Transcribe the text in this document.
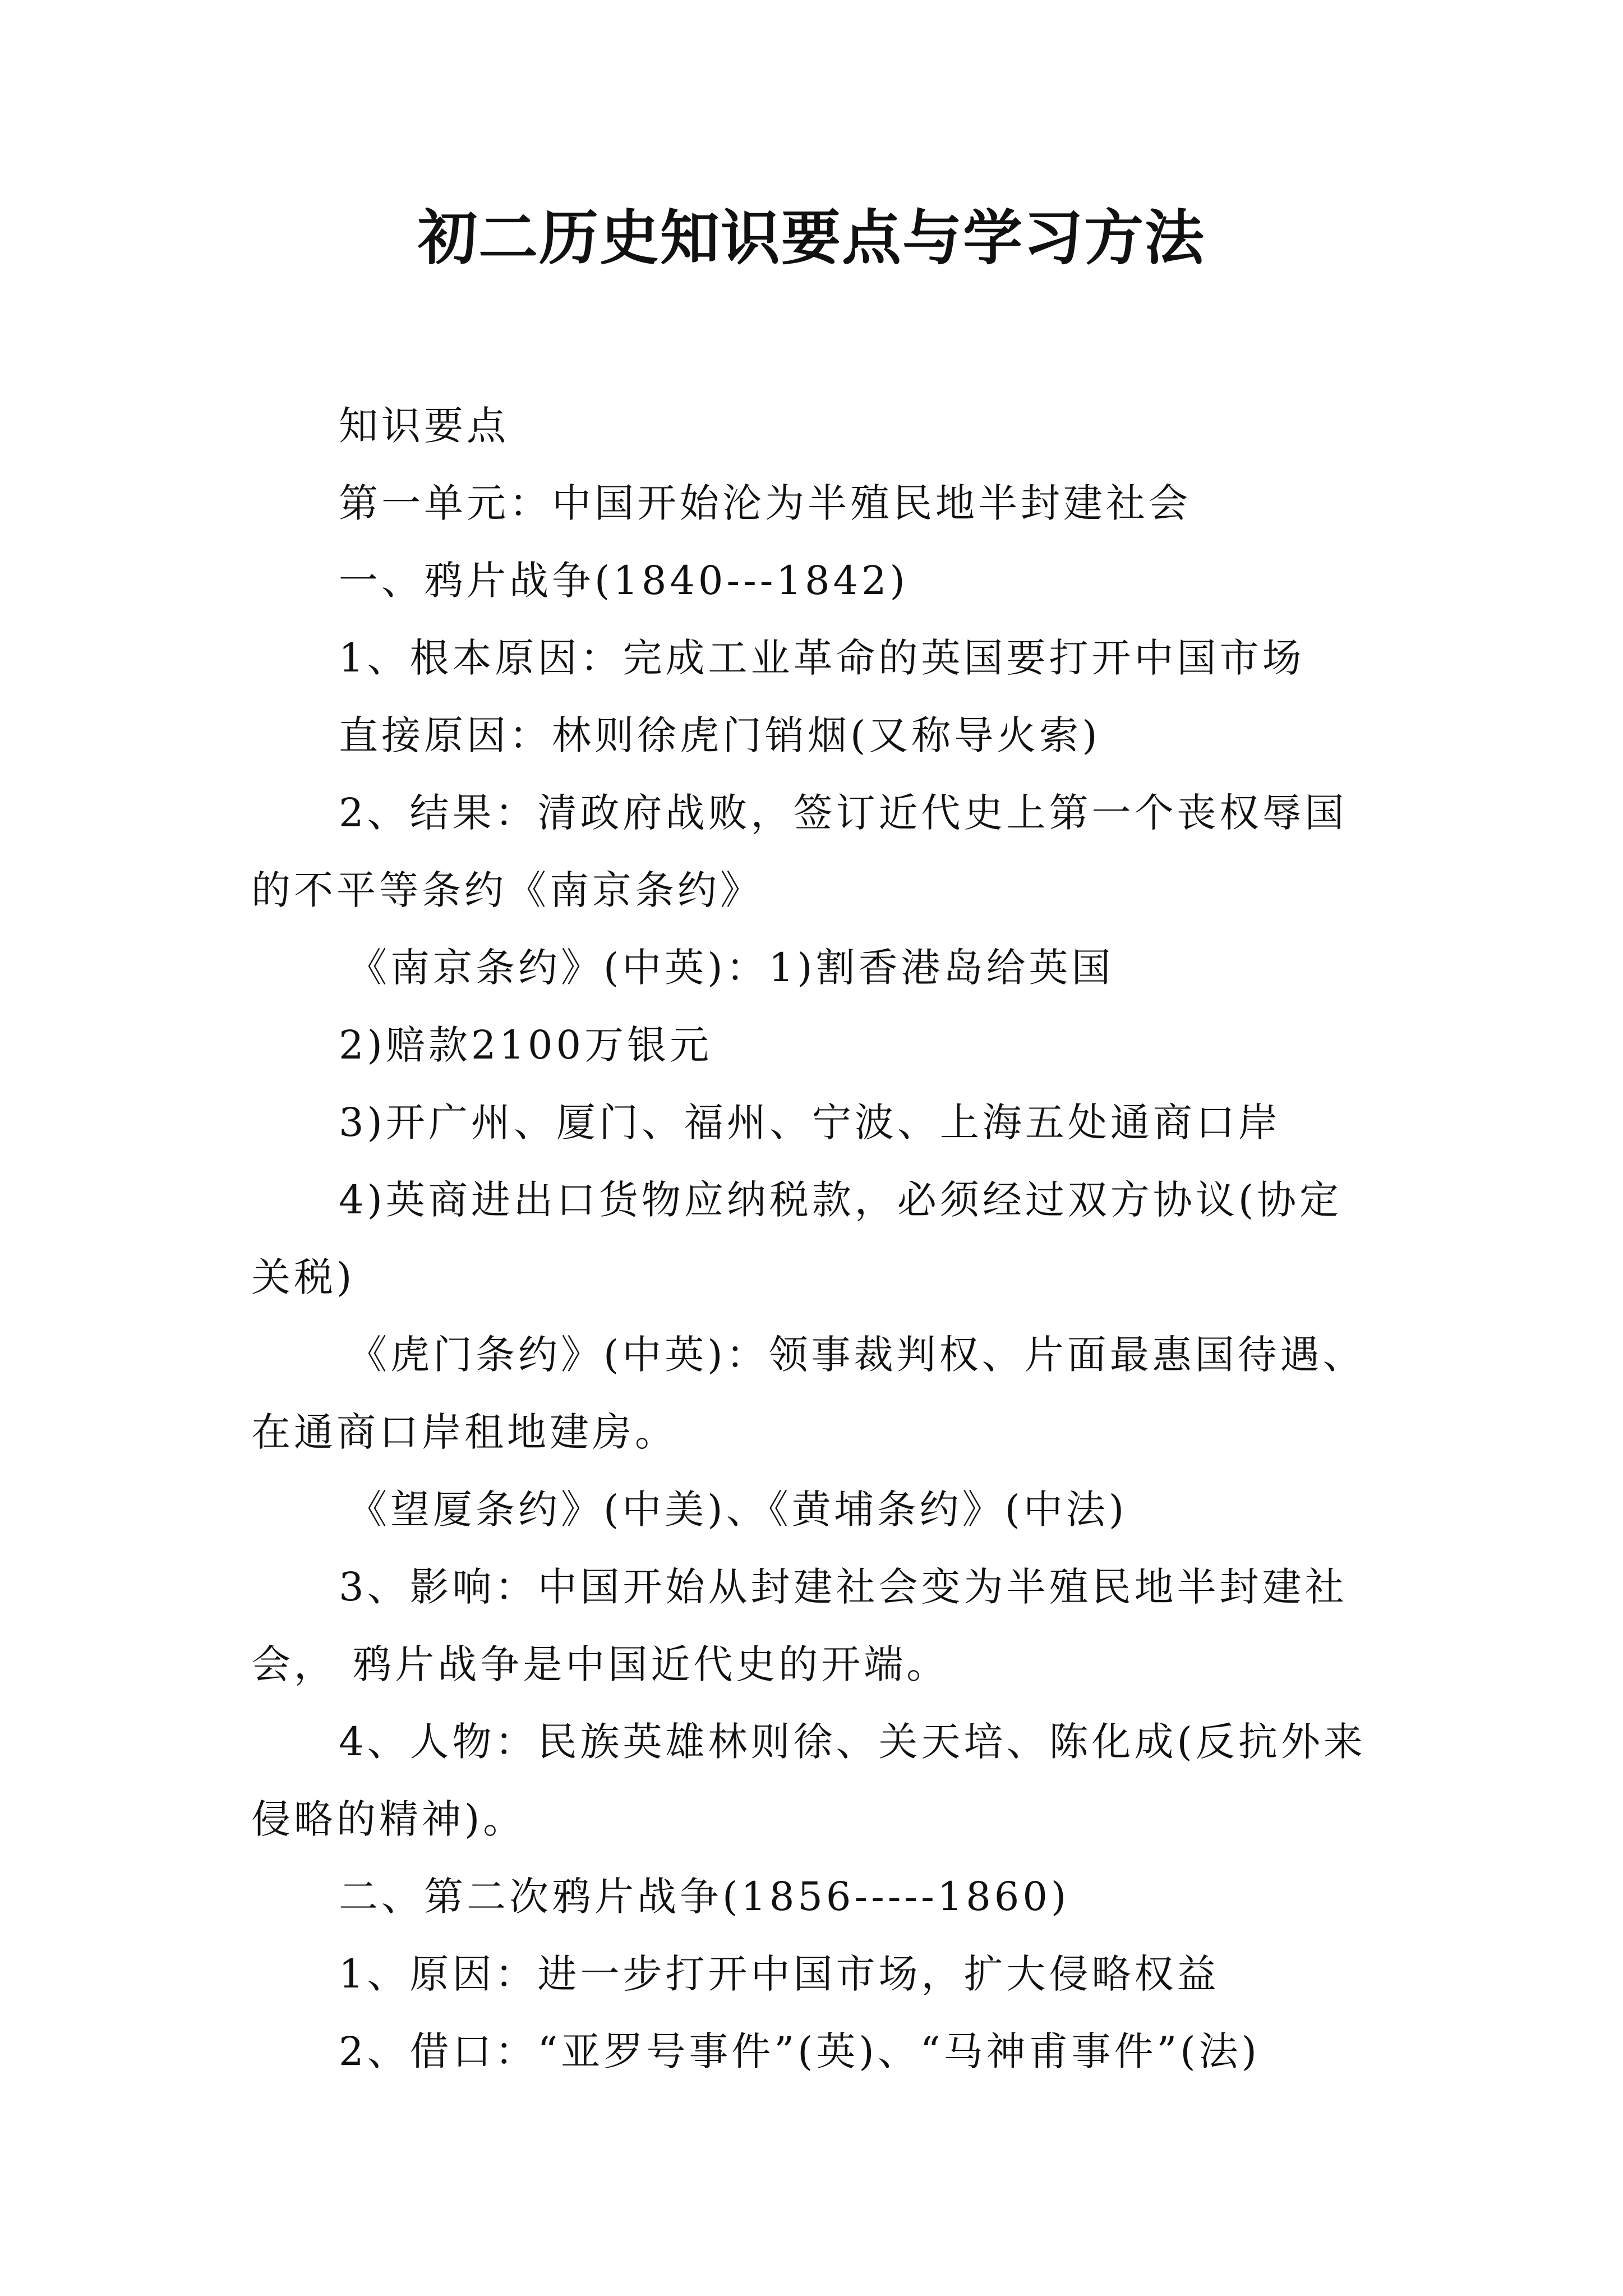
初二历史知识要点与学习方法
知识要点
第一单元：中国开始沦为半殖民地半封建社会
一、鸦片战争(1840---1842)
1、根本原因：完成工业革命的英国要打开中国市场
直接原因：林则徐虎门销烟(又称导火索)
2、结果：清政府战败，签订近代史上第一个丧权辱国
的不平等条约《南京条约》
《南京条约》(中英)：1)割香港岛给英国
2)赔款2100万银元
3)开广州、厦门、福州、宁波、上海五处通商口岸
4)英商进出口货物应纳税款，必须经过双方协议(协定
关税)
《虎门条约》(中英)：领事裁判权、片面最惠国待遇、
在通商口岸租地建房。
《望厦条约》(中美)、《黄埔条约》(中法)
3、影响：中国开始从封建社会变为半殖民地半封建社
会， 鸦片战争是中国近代史的开端。
4、人物：民族英雄林则徐、关天培、陈化成(反抗外来
侵略的精神)。
二、第二次鸦片战争(1856-----1860)
1、原因：进一步打开中国市场，扩大侵略权益
2、借口：“亚罗号事件”(英)、“马神甫事件”(法)
